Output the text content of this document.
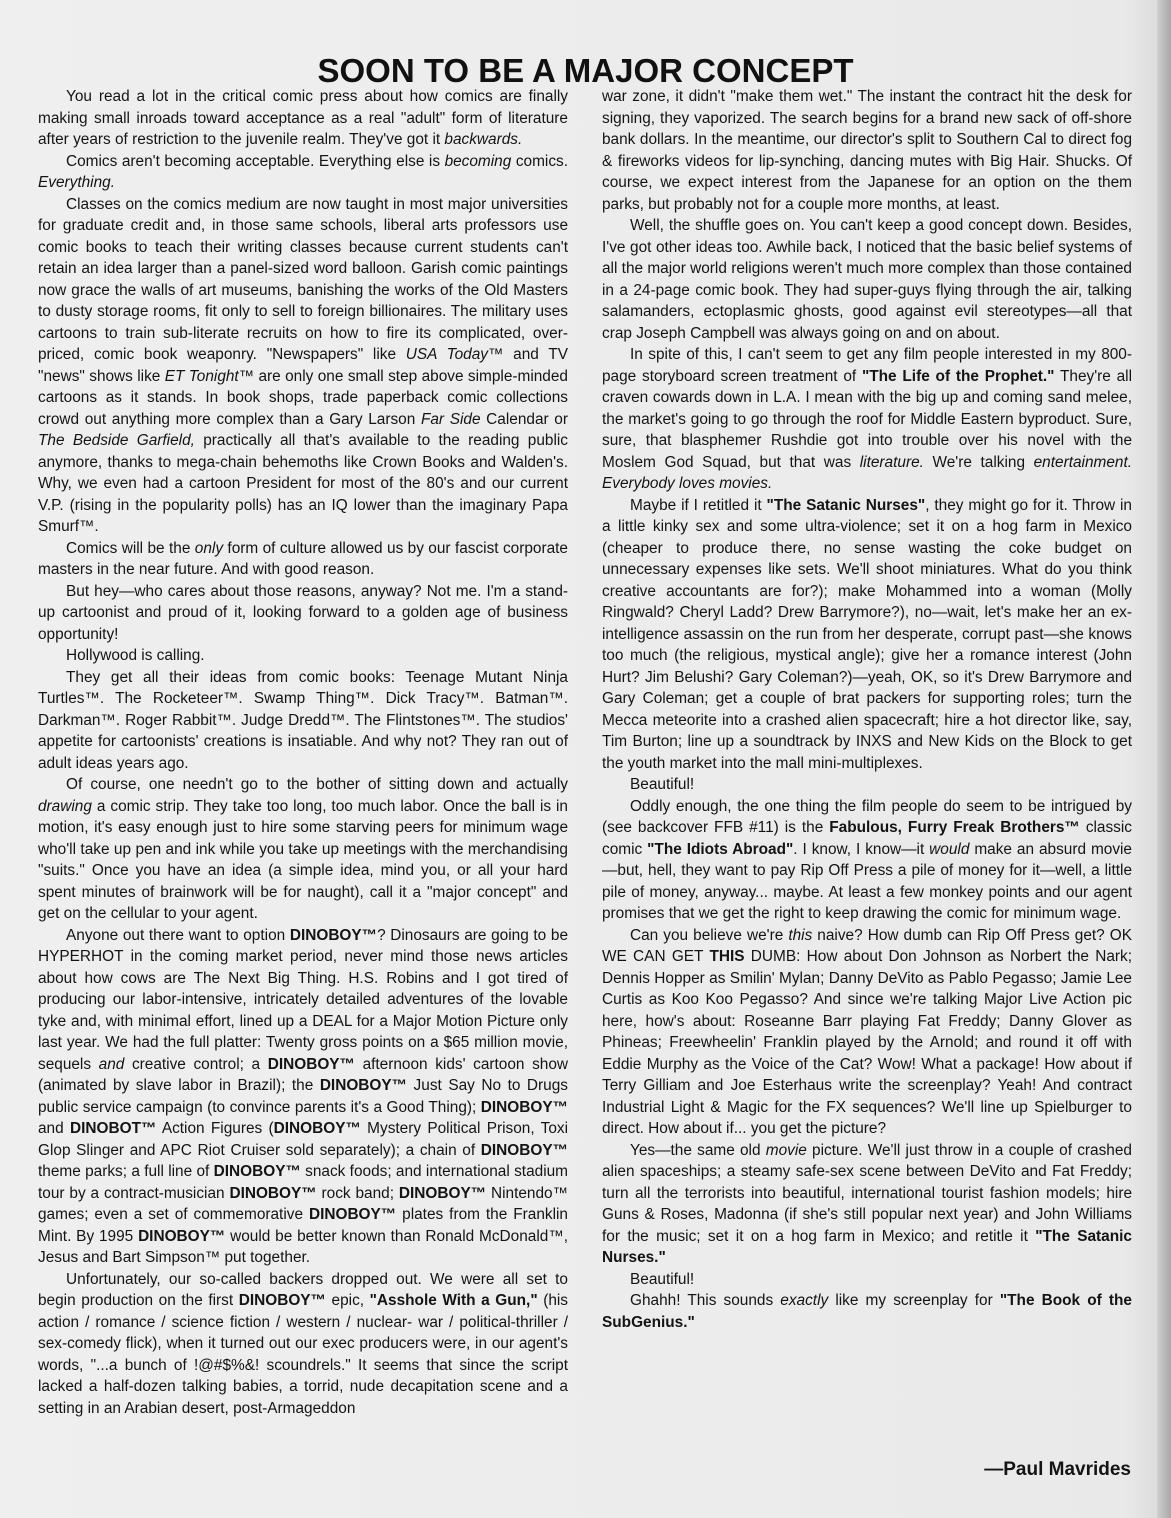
SOON TO BE A MAJOR CONCEPT

You read a lot in the critical comic press about how comics are finally making small inroads toward acceptance as a real "adult" form of literature after years of restriction to the juvenile realm. They've got it backwards.

Comics aren't becoming acceptable. Everything else is becoming comics. Everything.

Classes on the comics medium are now taught in most major universities for graduate credit and, in those same schools, liberal arts professors use comic books to teach their writing classes because current students can't retain an idea larger than a panel-sized word balloon. Garish comic paintings now grace the walls of art museums, banishing the works of the Old Masters to dusty storage rooms, fit only to sell to foreign billionaires. The military uses cartoons to train sub-literate recruits on how to fire its complicated, over- priced, comic book weaponry. "Newspapers" like USA Today™ and TV "news" shows like ET Tonight™ are only one small step above simple-minded cartoons as it stands. In book shops, trade paperback comic collections crowd out anything more complex than a Gary Larson Far Side Calendar or The Bedside Garfield, practically all that's available to the reading public anymore, thanks to mega-chain behemoths like Crown Books and Walden's. Why, we even had a cartoon President for most of the 80's and our current V.P. (rising in the popularity polls) has an IQ lower than the imaginary Papa Smurf™.

Comics will be the only form of culture allowed us by our fascist corporate masters in the near future. And with good reason.

But hey—who cares about those reasons, anyway? Not me. I'm a stand-up cartoonist and proud of it, looking forward to a golden age of business opportunity!

Hollywood is calling.

They get all their ideas from comic books: Teenage Mutant Ninja Turtles™. The Rocketeer™. Swamp Thing™. Dick Tracy™. Batman™. Darkman™. Roger Rabbit™. Judge Dredd™. The Flintstones™. The studios' appetite for cartoonists' creations is insatiable. And why not? They ran out of adult ideas years ago.

Of course, one needn't go to the bother of sitting down and actually drawing a comic strip. They take too long, too much labor. Once the ball is in motion, it's easy enough just to hire some starving peers for minimum wage who'll take up pen and ink while you take up meetings with the merchandising "suits." Once you have an idea (a simple idea, mind you, or all your hard spent minutes of brainwork will be for naught), call it a "major concept" and get on the cellular to your agent.

Anyone out there want to option DINOBOY™? Dinosaurs are going to be HYPERHOT in the coming market period, never mind those news articles about how cows are The Next Big Thing. H.S. Robins and I got tired of producing our labor-intensive, intricately detailed adventures of the lovable tyke and, with minimal effort, lined up a DEAL for a Major Motion Picture only last year. We had the full platter: Twenty gross points on a $65 million movie, sequels and creative control; a DINOBOY™ afternoon kids' cartoon show (animated by slave labor in Brazil); the DINOBOY™ Just Say No to Drugs public service campaign (to convince parents it's a Good Thing); DINOBOY™ and DINOBOT™ Action Figures (DINOBOY™ Mystery Political Prison, Toxi Glop Slinger and APC Riot Cruiser sold separately); a chain of DINOBOY™ theme parks; a full line of DINOBOY™ snack foods; and international stadium tour by a contract-musician DINOBOY™ rock band; DINOBOY™ Nintendo™ games; even a set of commemorative DINOBOY™ plates from the Franklin Mint. By 1995 DINOBOY™ would be better known than Ronald McDonald™, Jesus and Bart Simpson™ put together.

Unfortunately, our so-called backers dropped out. We were all set to begin production on the first DINOBOY™ epic, "Asshole With a Gun," (his action / romance / science fiction / western / nuclear- war / political-thriller / sex-comedy flick), when it turned out our exec producers were, in our agent's words, "...a bunch of !@#$%&! scoundrels." It seems that since the script lacked a half-dozen talking babies, a torrid, nude decapitation scene and a setting in an Arabian desert, post-Armageddon

war zone, it didn't "make them wet." The instant the contract hit the desk for signing, they vaporized. The search begins for a brand new sack of off-shore bank dollars. In the meantime, our director's split to Southern Cal to direct fog & fireworks videos for lip-synching, dancing mutes with Big Hair. Shucks. Of course, we expect interest from the Japanese for an option on the them parks, but probably not for a couple more months, at least.

Well, the shuffle goes on. You can't keep a good concept down. Besides, I've got other ideas too. Awhile back, I noticed that the basic belief systems of all the major world religions weren't much more complex than those contained in a 24-page comic book. They had super-guys flying through the air, talking salamanders, ectoplasmic ghosts, good against evil stereotypes—all that crap Joseph Campbell was always going on and on about.

In spite of this, I can't seem to get any film people interested in my 800-page storyboard screen treatment of "The Life of the Prophet." They're all craven cowards down in L.A. I mean with the big up and coming sand melee, the market's going to go through the roof for Middle Eastern byproduct. Sure, sure, that blasphemer Rushdie got into trouble over his novel with the Moslem God Squad, but that was literature. We're talking entertainment. Everybody loves movies.

Maybe if I retitled it "The Satanic Nurses", they might go for it. Throw in a little kinky sex and some ultra-violence; set it on a hog farm in Mexico (cheaper to produce there, no sense wasting the coke budget on unnecessary expenses like sets. We'll shoot miniatures. What do you think creative accountants are for?); make Mohammed into a woman (Molly Ringwald? Cheryl Ladd? Drew Barrymore?), no—wait, let's make her an ex-intelligence assassin on the run from her desperate, corrupt past—she knows too much (the religious, mystical angle); give her a romance interest (John Hurt? Jim Belushi? Gary Coleman?)—yeah, OK, so it's Drew Barrymore and Gary Coleman; get a couple of brat packers for supporting roles; turn the Mecca meteorite into a crashed alien spacecraft; hire a hot director like, say, Tim Burton; line up a soundtrack by INXS and New Kids on the Block to get the youth market into the mall mini-multiplexes.

Beautiful!

Oddly enough, the one thing the film people do seem to be intrigued by (see backcover FFB #11) is the Fabulous, Furry Freak Brothers™ classic comic "The Idiots Abroad". I know, I know—it would make an absurd movie—but, hell, they want to pay Rip Off Press a pile of money for it—well, a little pile of money, anyway... maybe. At least a few monkey points and our agent promises that we get the right to keep drawing the comic for minimum wage.

Can you believe we're this naive? How dumb can Rip Off Press get? OK WE CAN GET THIS DUMB: How about Don Johnson as Norbert the Nark; Dennis Hopper as Smilin' Mylan; Danny DeVito as Pablo Pegasso; Jamie Lee Curtis as Koo Koo Pegasso? And since we're talking Major Live Action pic here, how's about: Roseanne Barr playing Fat Freddy; Danny Glover as Phineas; Freewheelin' Franklin played by the Arnold; and round it off with Eddie Murphy as the Voice of the Cat? Wow! What a package! How about if Terry Gilliam and Joe Esterhaus write the screenplay? Yeah! And contract Industrial Light & Magic for the FX sequences? We'll line up Spielburger to direct. How about if... you get the picture?

Yes—the same old movie picture. We'll just throw in a couple of crashed alien spaceships; a steamy safe-sex scene between DeVito and Fat Freddy; turn all the terrorists into beautiful, international tourist fashion models; hire Guns & Roses, Madonna (if she's still popular next year) and John Williams for the music; set it on a hog farm in Mexico; and retitle it "The Satanic Nurses."

Beautiful!

Ghahh! This sounds exactly like my screenplay for "The Book of the SubGenius."

—Paul Mavrides
